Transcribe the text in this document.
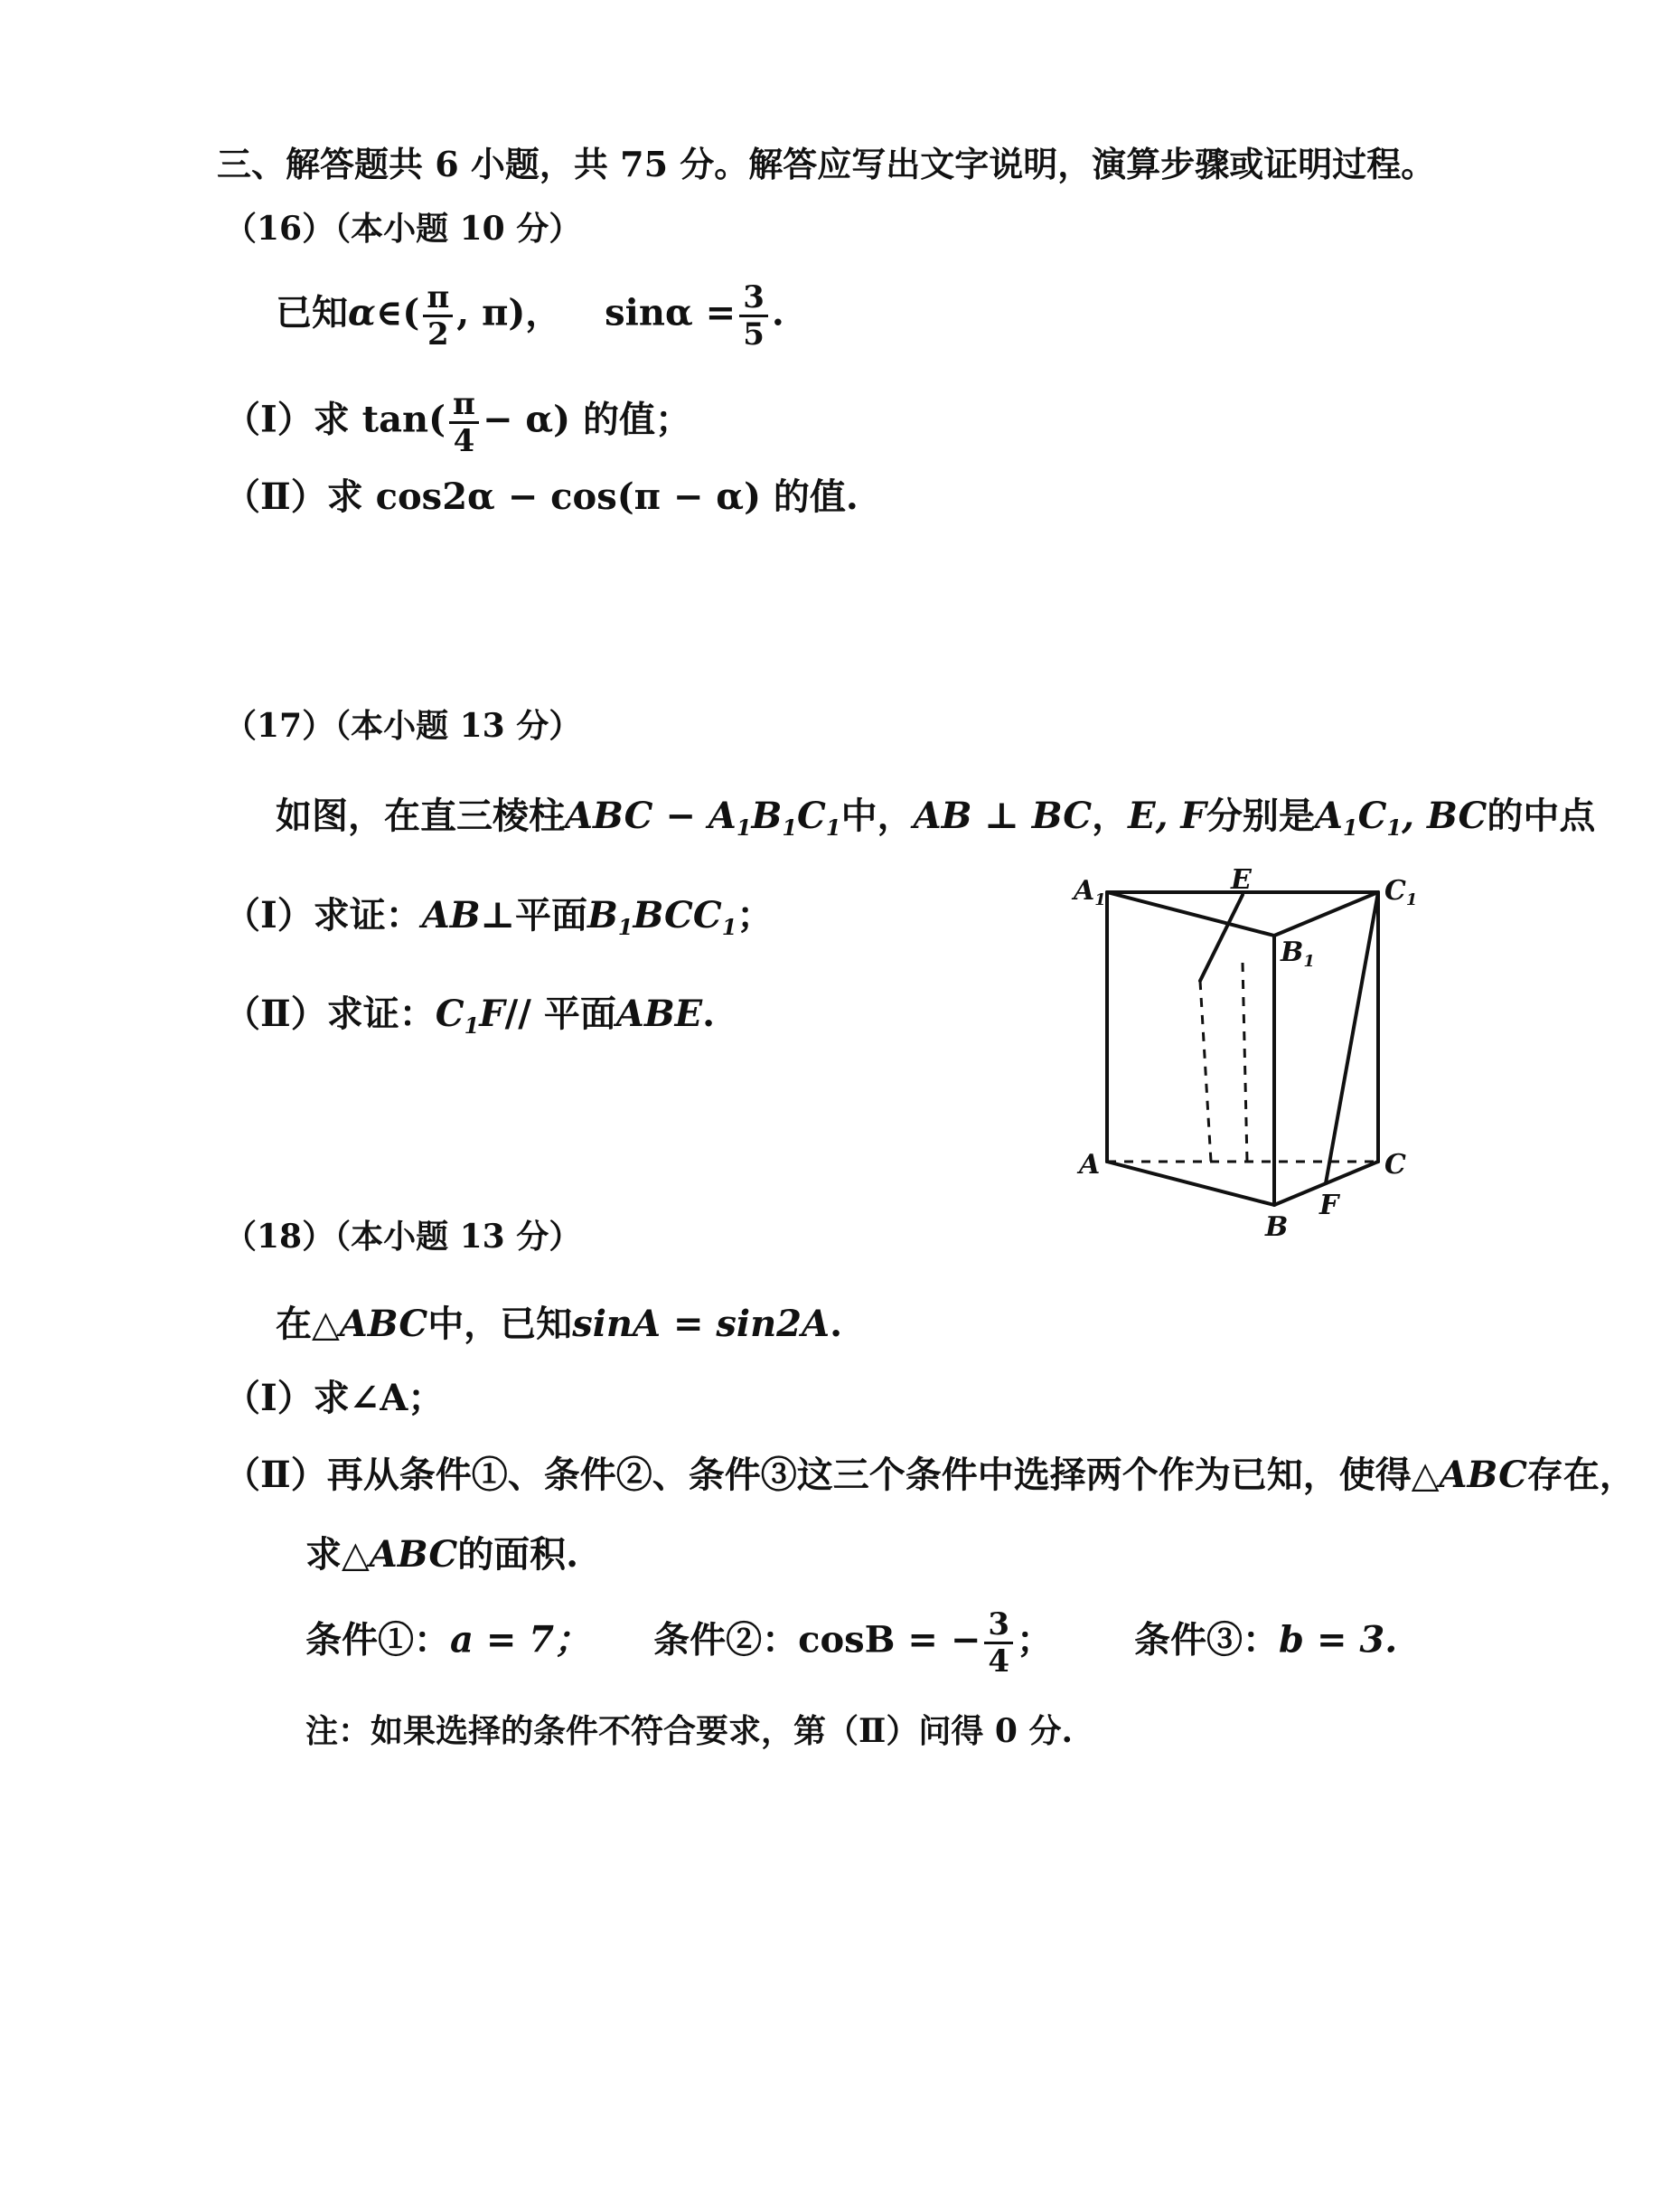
三、解答题共 6 小题，共 75 分。解答应写出文字说明，演算步骤或证明过程。
（16）（本小题 10 分）
已知α∈( $\frac{\pi}{2}$ , π)， $\sin\alpha = \frac{3}{5}$ .
（Ⅰ）求 $\tan( \frac{\pi}{4} - \alpha)$ 的值；
（Ⅱ）求 cos2α − cos(π − α) 的值.
（17）（本小题 13 分）
如图，在直三棱柱ABC − $A_1B_1C_1$中，AB ⊥ BC，E, F分别是$A_1C_1$, BC的中点
（Ⅰ）求证：AB⊥平面$B_1BCC_1$；
（Ⅱ）求证：$C_1F//$ 平面ABE.
$A_1$
E	$C_1$
$B_1$
A	C
B
F
（18）（本小题 13 分）
在△ABC中，已知sinA = sin2A.
（Ⅰ）求∠A；
（Ⅱ）再从条件①、条件②、条件③这三个条件中选择两个作为已知，使得△ABC存在，
求△ABC的面积.
条件①：a = 7； 条件②：cosB = − $\frac{3}{4}$ ； 条件③：b = 3.
注：如果选择的条件不符合要求，第（Ⅱ）问得 0 分.
